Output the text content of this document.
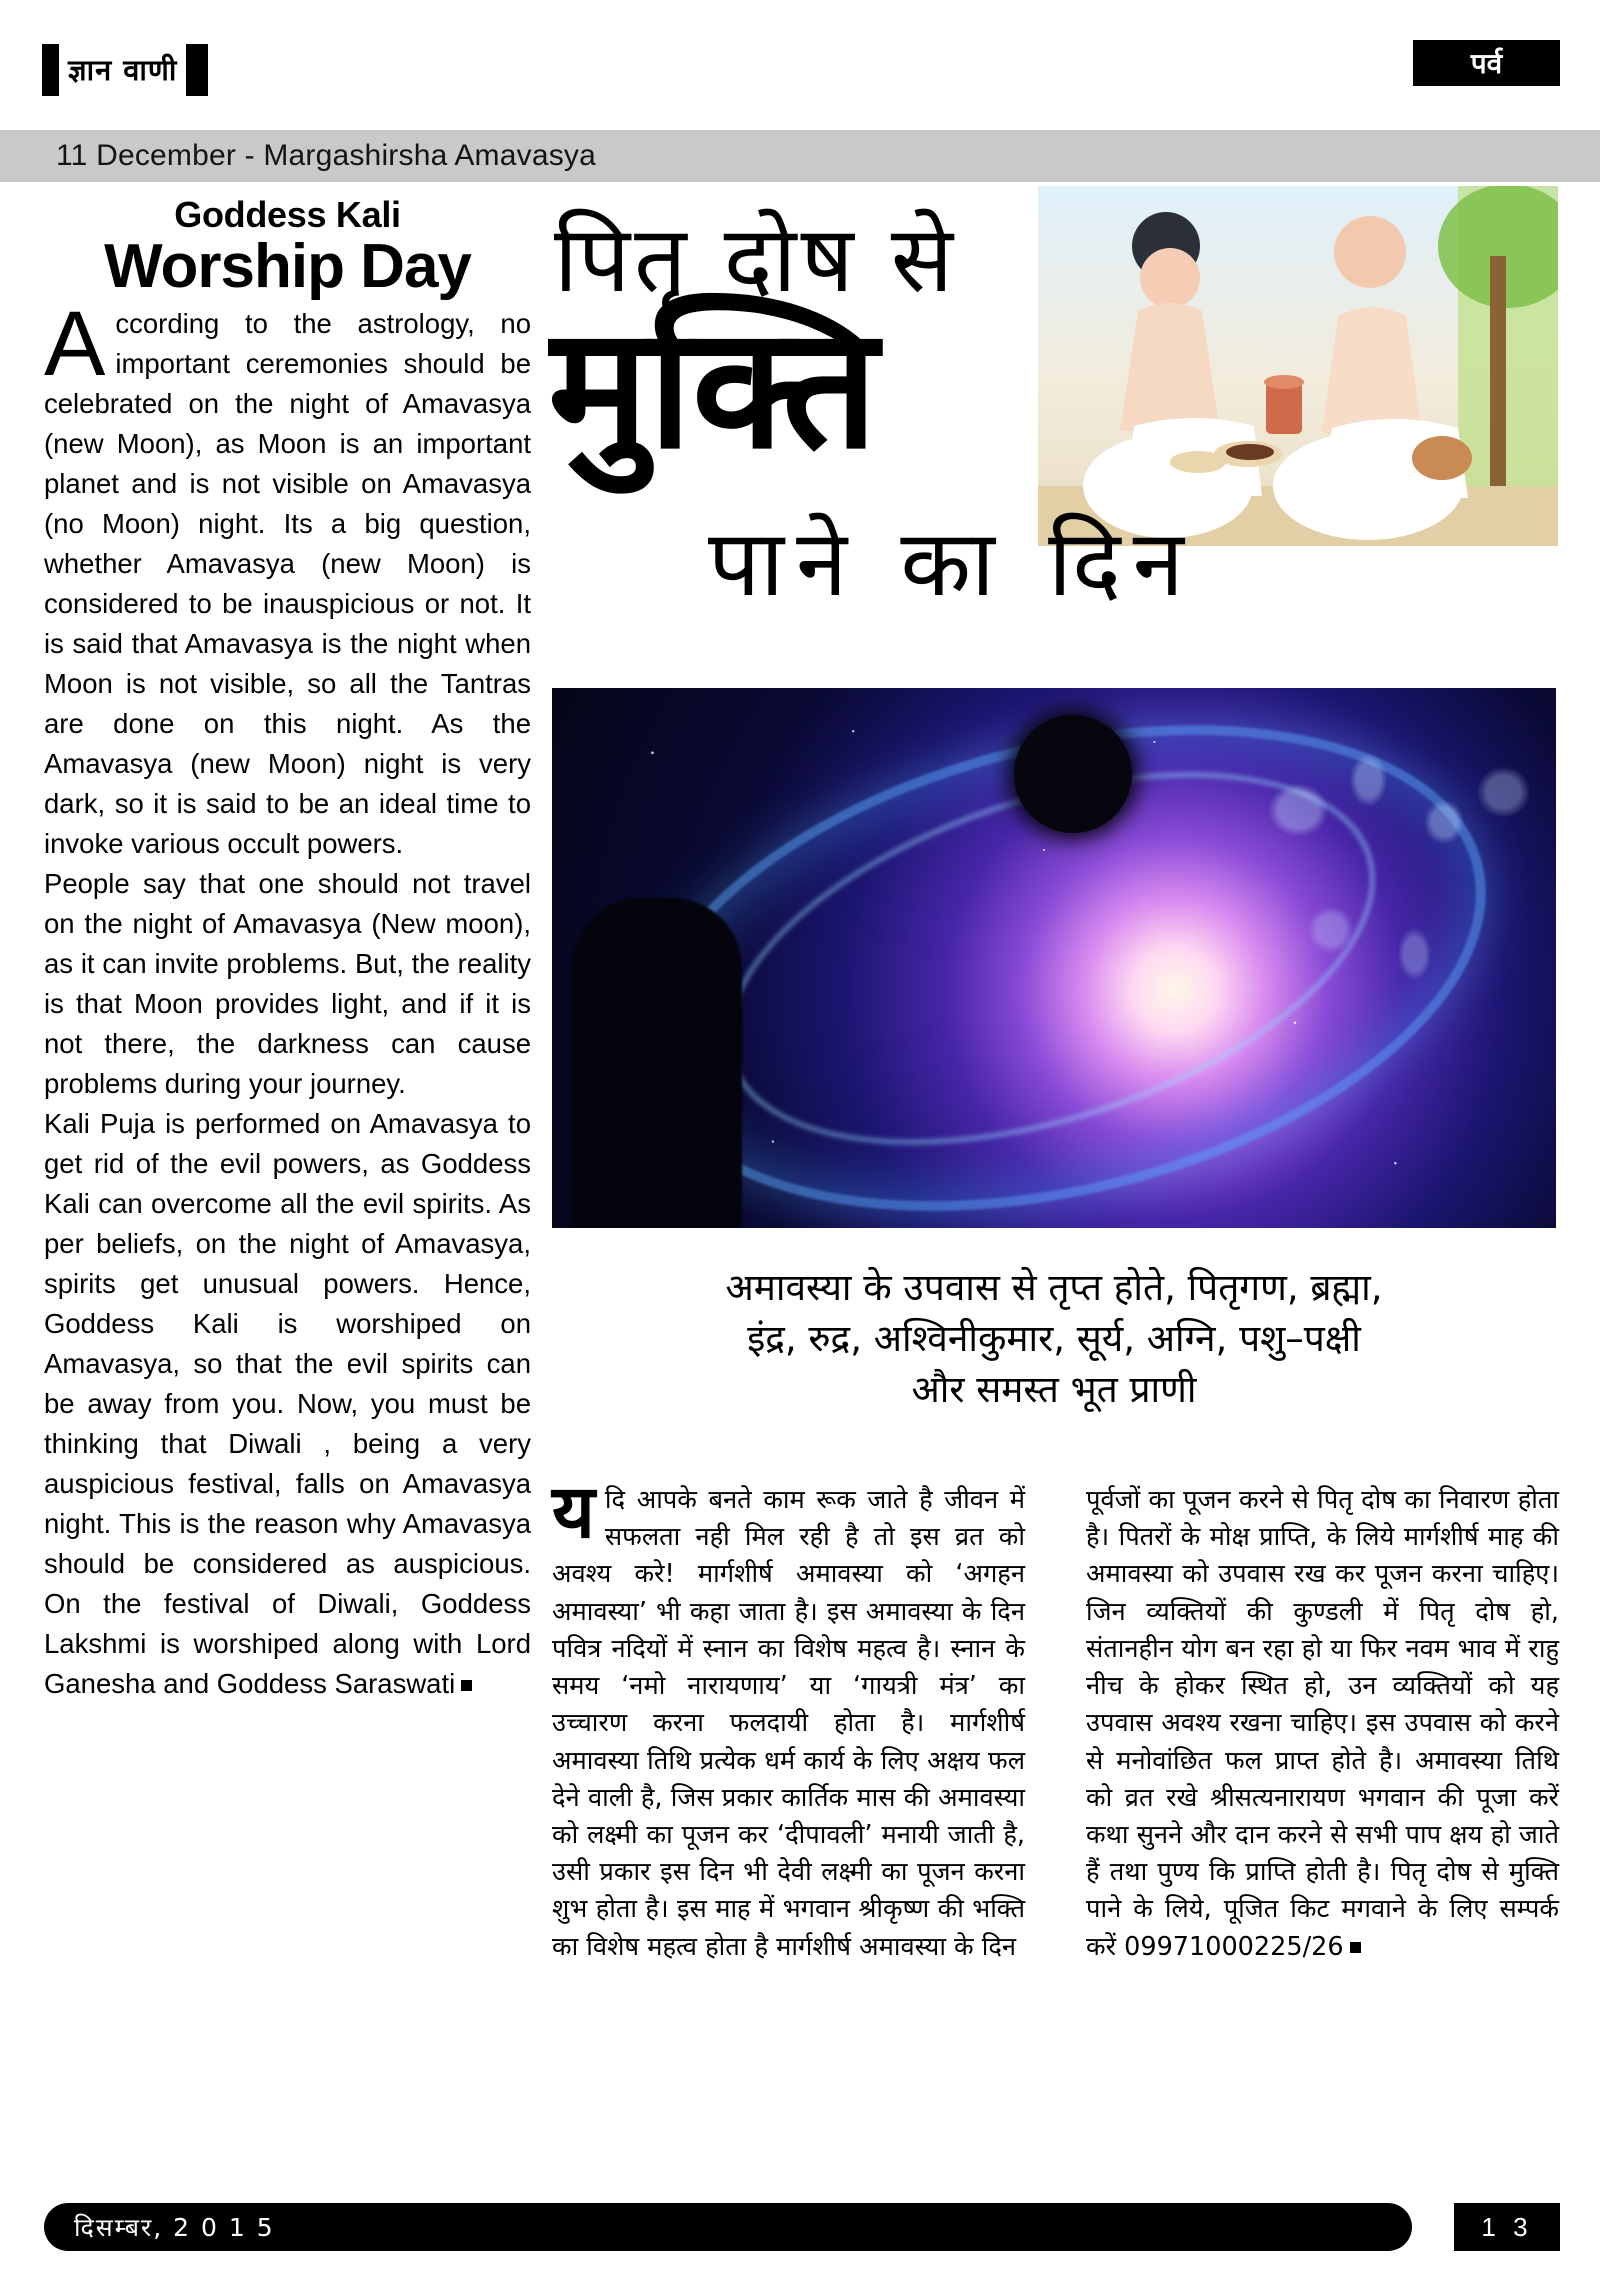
ज्ञान वाणी	पर्व
11 December - Margashirsha Amavasya
Goddess Kali
Worship Day

According to the astrology, no important ceremonies should be celebrated on the night of Amavasya (new Moon), as Moon is an important planet and is not visible on Amavasya (no Moon) night. Its a big question, whether Amavasya (new Moon) is considered to be inauspicious or not. It is said that Amavasya is the night when Moon is not visible, so all the Tantras are done on this night. As the Amavasya (new Moon) night is very dark, so it is said to be an ideal time to invoke various occult powers.

People say that one should not travel on the night of Amavasya (New moon), as it can invite problems. But, the reality is that Moon provides light, and if it is not there, the darkness can cause problems during your journey.

Kali Puja is performed on Amavasya to get rid of the evil powers, as Goddess Kali can overcome all the evil spirits. As per beliefs, on the night of Amavasya, spirits get unusual powers. Hence, Goddess Kali is worshiped on Amavasya, so that the evil spirits can be away from you. Now, you must be thinking that Diwali , being a very auspicious festival, falls on Amavasya night. This is the reason why Amavasya should be considered as auspicious. On the festival of Diwali, Goddess Lakshmi is worshiped along with Lord Ganesha and Goddess Saraswati

पितृ दोष से
मुक्ति
पाने का दिन
अमावस्या के उपवास से तृप्त होते, पितृगण, ब्रह्मा,
इंद्र, रुद्र, अश्विनीकुमार, सूर्य, अग्नि, पशु–पक्षी
और समस्त भूत प्राणी

यदि आपके बनते काम रूक जाते है जीवन में सफलता नही मिल रही है तो इस व्रत को अवश्य करे! मार्गशीर्ष अमावस्या को ‘अगहन अमावस्या’ भी कहा जाता है। इस अमावस्या के दिन पवित्र नदियों में स्नान का विशेष महत्व है। स्नान के समय ‘नमो नारायणाय’ या ‘गायत्री मंत्र’ का उच्चारण करना फलदायी होता है। मार्गशीर्ष अमावस्या तिथि प्रत्येक धर्म कार्य के लिए अक्षय फल देने वाली है, जिस प्रकार कार्तिक मास की अमावस्या को लक्ष्मी का पूजन कर ‘दीपावली’ मनायी जाती है, उसी प्रकार इस दिन भी देवी लक्ष्मी का पूजन करना शुभ होता है। इस माह में भगवान श्रीकृष्ण की भक्ति का विशेष महत्व होता है मार्गशीर्ष अमावस्या के दिन

पूर्वजों का पूजन करने से पितृ दोष का निवारण होता है। पितरों के मोक्ष प्राप्ति, के लिये मार्गशीर्ष माह की अमावस्या को उपवास रख कर पूजन करना चाहिए। जिन व्यक्तियों की कुण्डली में पितृ दोष हो, संतानहीन योग बन रहा हो या फिर नवम भाव में राहु नीच के होकर स्थित हो, उन व्यक्तियों को यह उपवास अवश्य रखना चाहिए। इस उपवास को करने से मनोवांछित फल प्राप्त होते है। अमावस्या तिथि को व्रत रखे श्रीसत्यनारायण भगवान की पूजा करें कथा सुनने और दान करने से सभी पाप क्षय हो जाते हैं तथा पुण्य कि प्राप्ति होती है। पितृ दोष से मुक्ति पाने के लिये, पूजित किट मगवाने के लिए सम्पर्क करें 09971000225/26

दिसम्बर, 2 0 1 5	1 3
